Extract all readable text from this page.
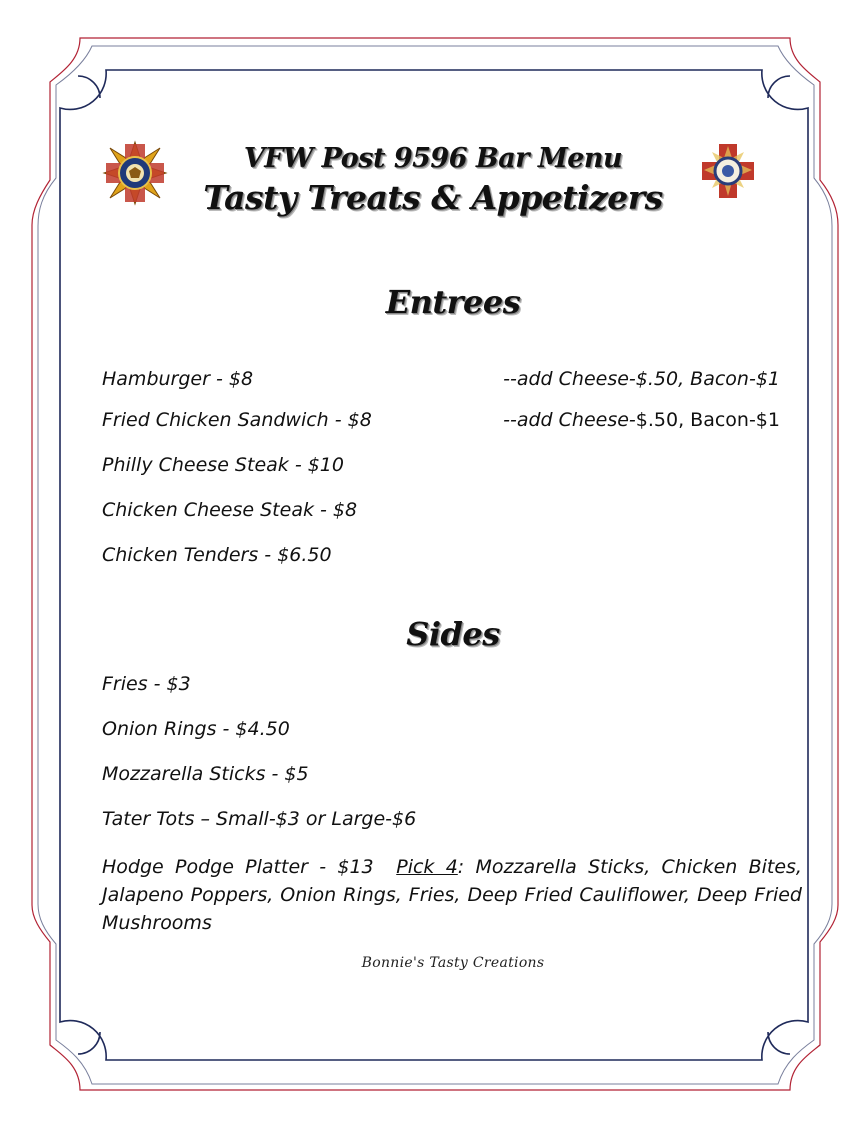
VFW Post 9596 Bar Menu
Tasty Treats & Appetizers
Entrees
Hamburger - $8	--add Cheese-$.50, Bacon-$1
Fried Chicken Sandwich - $8	--add Cheese-$.50, Bacon-$1
Philly Cheese Steak - $10
Chicken Cheese Steak - $8
Chicken Tenders - $6.50
Sides
Fries - $3
Onion Rings - $4.50
Mozzarella Sticks - $5
Tater Tots – Small-$3 or Large-$6
Hodge Podge Platter - $13 Pick 4: Mozzarella Sticks, Chicken Bites, Jalapeno Poppers, Onion Rings, Fries, Deep Fried Cauliflower, Deep Fried Mushrooms
Bonnie's Tasty Creations
